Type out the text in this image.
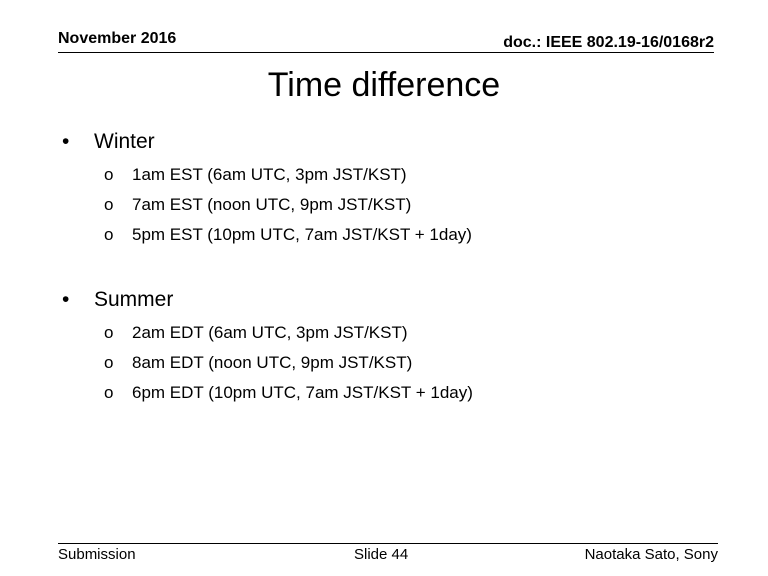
November 2016	doc.: IEEE 802.19-16/0168r2
Time difference
•	Winter
o	1am EST (6am UTC, 3pm JST/KST)
o	7am EST (noon UTC, 9pm JST/KST)
o	5pm EST (10pm UTC, 7am JST/KST + 1day)
•	Summer
o	2am EDT (6am UTC, 3pm JST/KST)
o	8am EDT (noon UTC, 9pm JST/KST)
o	6pm EDT (10pm UTC, 7am JST/KST + 1day)
Submission	Slide 44	Naotaka Sato, Sony
